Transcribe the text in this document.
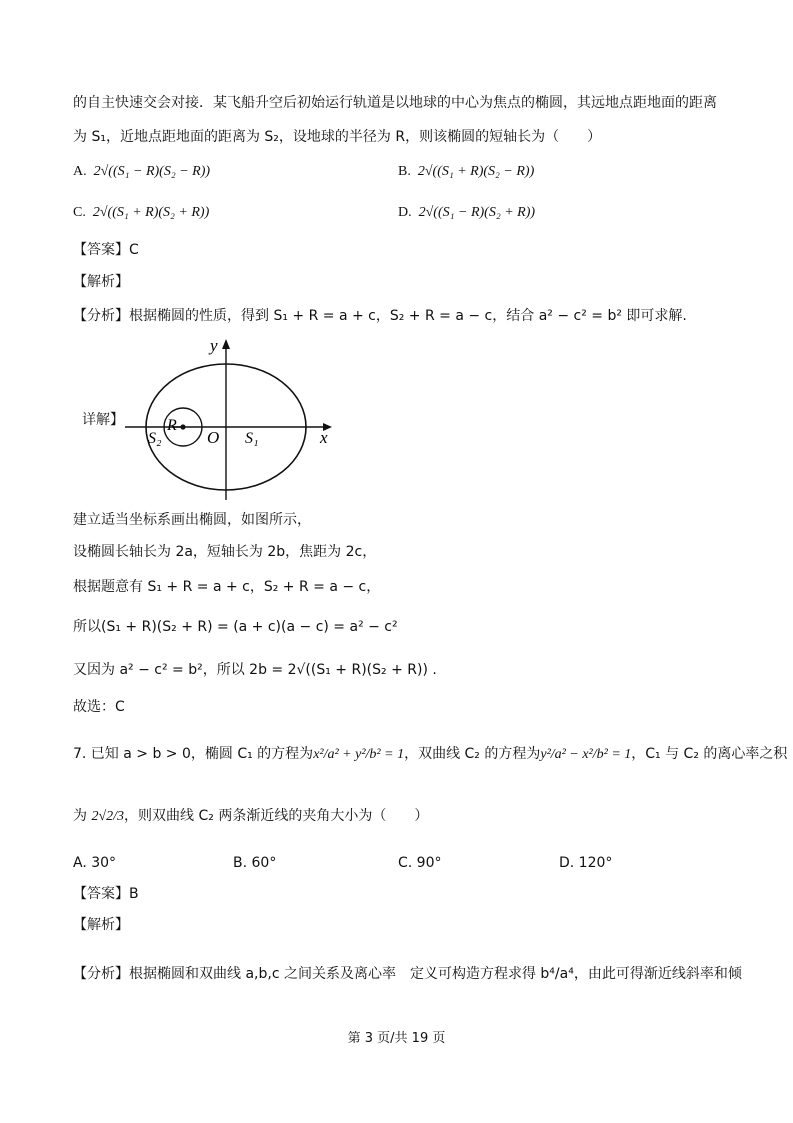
的自主快速交会对接．某飞船升空后初始运行轨道是以地球的中心为焦点的椭圆，其远地点距地面的距离
为 S₁，近地点距地面的距离为 S₂，设地球的半径为 R，则该椭圆的短轴长为（　　）
A. 2√((S₁ − R)(S₂ − R))	B. 2√((S₁ + R)(S₂ − R))
C. 2√((S₁ + R)(S₂ + R))	D. 2√((S₁ − R)(S₂ + R))
【答案】C
【解析】
【分析】根据椭圆的性质，得到 S₁ + R = a + c，S₂ + R = a − c，结合 a² − c² = b² 即可求解.
详解】
y
x
O
R
S₁
S₂
建立适当坐标系画出椭圆，如图所示，
设椭圆长轴长为 2a，短轴长为 2b，焦距为 2c，
根据题意有 S₁ + R = a + c，S₂ + R = a − c，
所以(S₁ + R)(S₂ + R) = (a + c)(a − c) = a² − c²
又因为 a² − c² = b²，所以 2b = 2√((S₁ + R)(S₂ + R)) .
故选：C
7. 已知 a > b > 0，椭圆 C₁ 的方程为x²/a² + y²/b² = 1，双曲线 C₂ 的方程为y²/a² − x²/b² = 1，C₁ 与 C₂ 的离心率之积
为 2√2/3，则双曲线 C₂ 两条渐近线的夹角大小为（　　）
A. 30°	B. 60°	C. 90°	D. 120°
【答案】B
【解析】
【分析】根据椭圆和双曲线 a,b,c 之间关系及离心率　定义可构造方程求得 b⁴/a⁴，由此可得渐近线斜率和倾
第 3 页/共 19 页
